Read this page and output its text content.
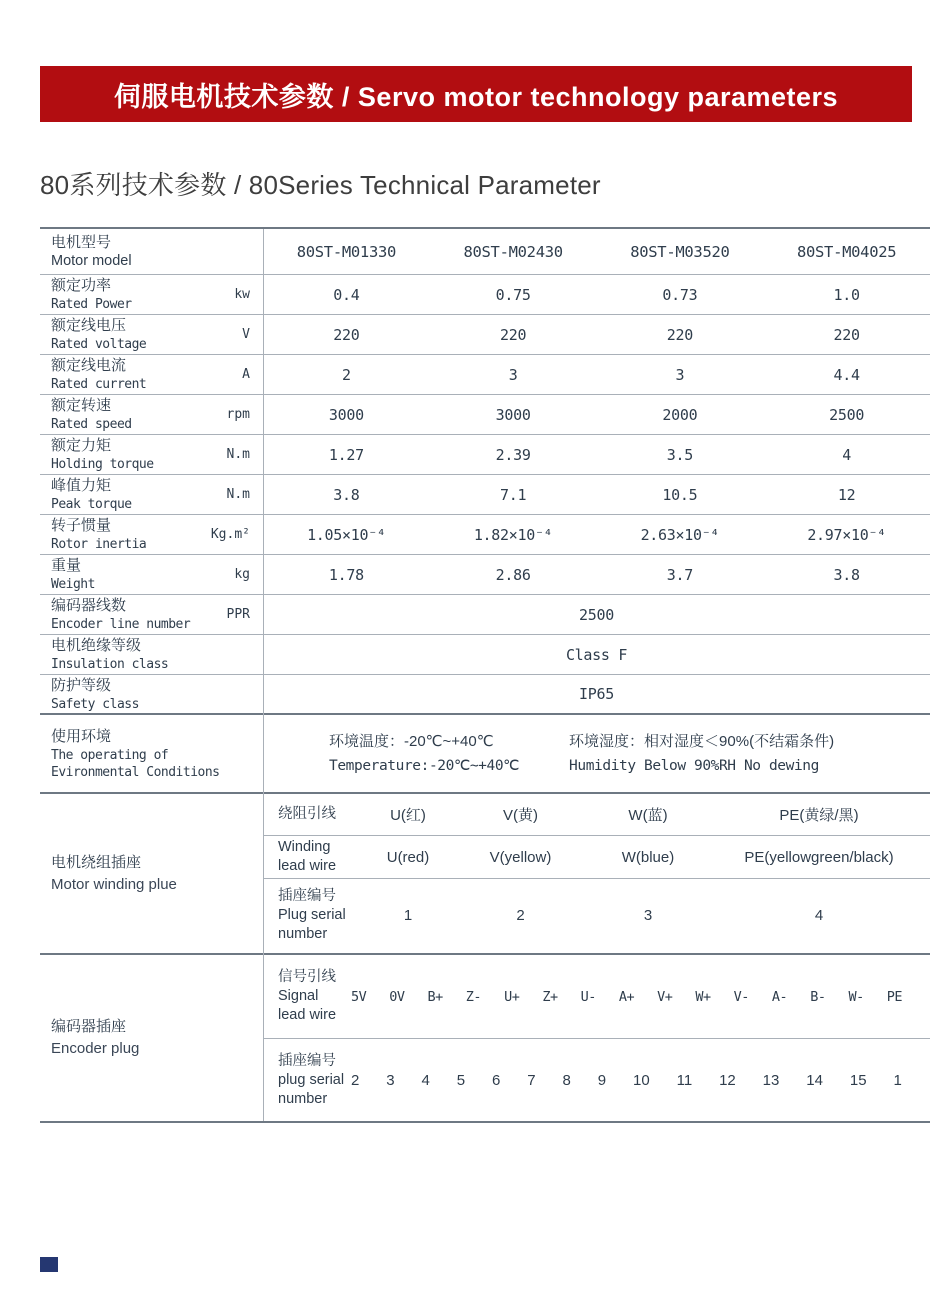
伺服电机技术参数 / Servo motor technology parameters
80系列技术参数 / 80Series Technical Parameter
电机型号
Motor model
80ST-M01330	80ST-M02430	80ST-M03520	80ST-M04025
额定功率
Rated Power
kw	0.4	0.75	0.73	1.0
额定线电压
Rated voltage
V	220	220	220	220
额定线电流
Rated current
A	2	3	3	4.4
额定转速
Rated speed
rpm	3000	3000	2000	2500
额定力矩
Holding torque
N.m	1.27	2.39	3.5	4
峰值力矩
Peak torque
N.m	3.8	7.1	10.5	12
转子惯量
Rotor inertia
Kg.m²	1.05×10⁻⁴	1.82×10⁻⁴	2.63×10⁻⁴	2.97×10⁻⁴
重量
Weight
kg	1.78	2.86	3.7	3.8
编码器线数
Encoder line number
PPR	2500
电机绝缘等级
Insulation class
Class F
防护等级
Safety class
IP65
使用环境
The operating of
Evironmental Conditions
环境温度：-20℃~+40℃
Temperature:-20℃~+40℃
环境湿度：相对湿度＜90%(不结霜条件)
Humidity Below 90%RH No dewing
电机绕组插座
Motor winding plue
绕阻引线	U(红)	V(黄)	W(蓝)	PE(黄绿/黑)
Winding
lead wire
U(red)	V(yellow)	W(blue)	PE(yellowgreen/black)
插座编号
Plug serial
number
1	2	3	4
编码器插座
Encoder plug
信号引线
Signal
lead wire
5V 0V B+ Z- U+ Z+ U- A+ V+ W+ V- A- B- W- PE
插座编号
plug serial
number
2 3 4 5 6 7 8 9 10 11 12 13 14 15 1
